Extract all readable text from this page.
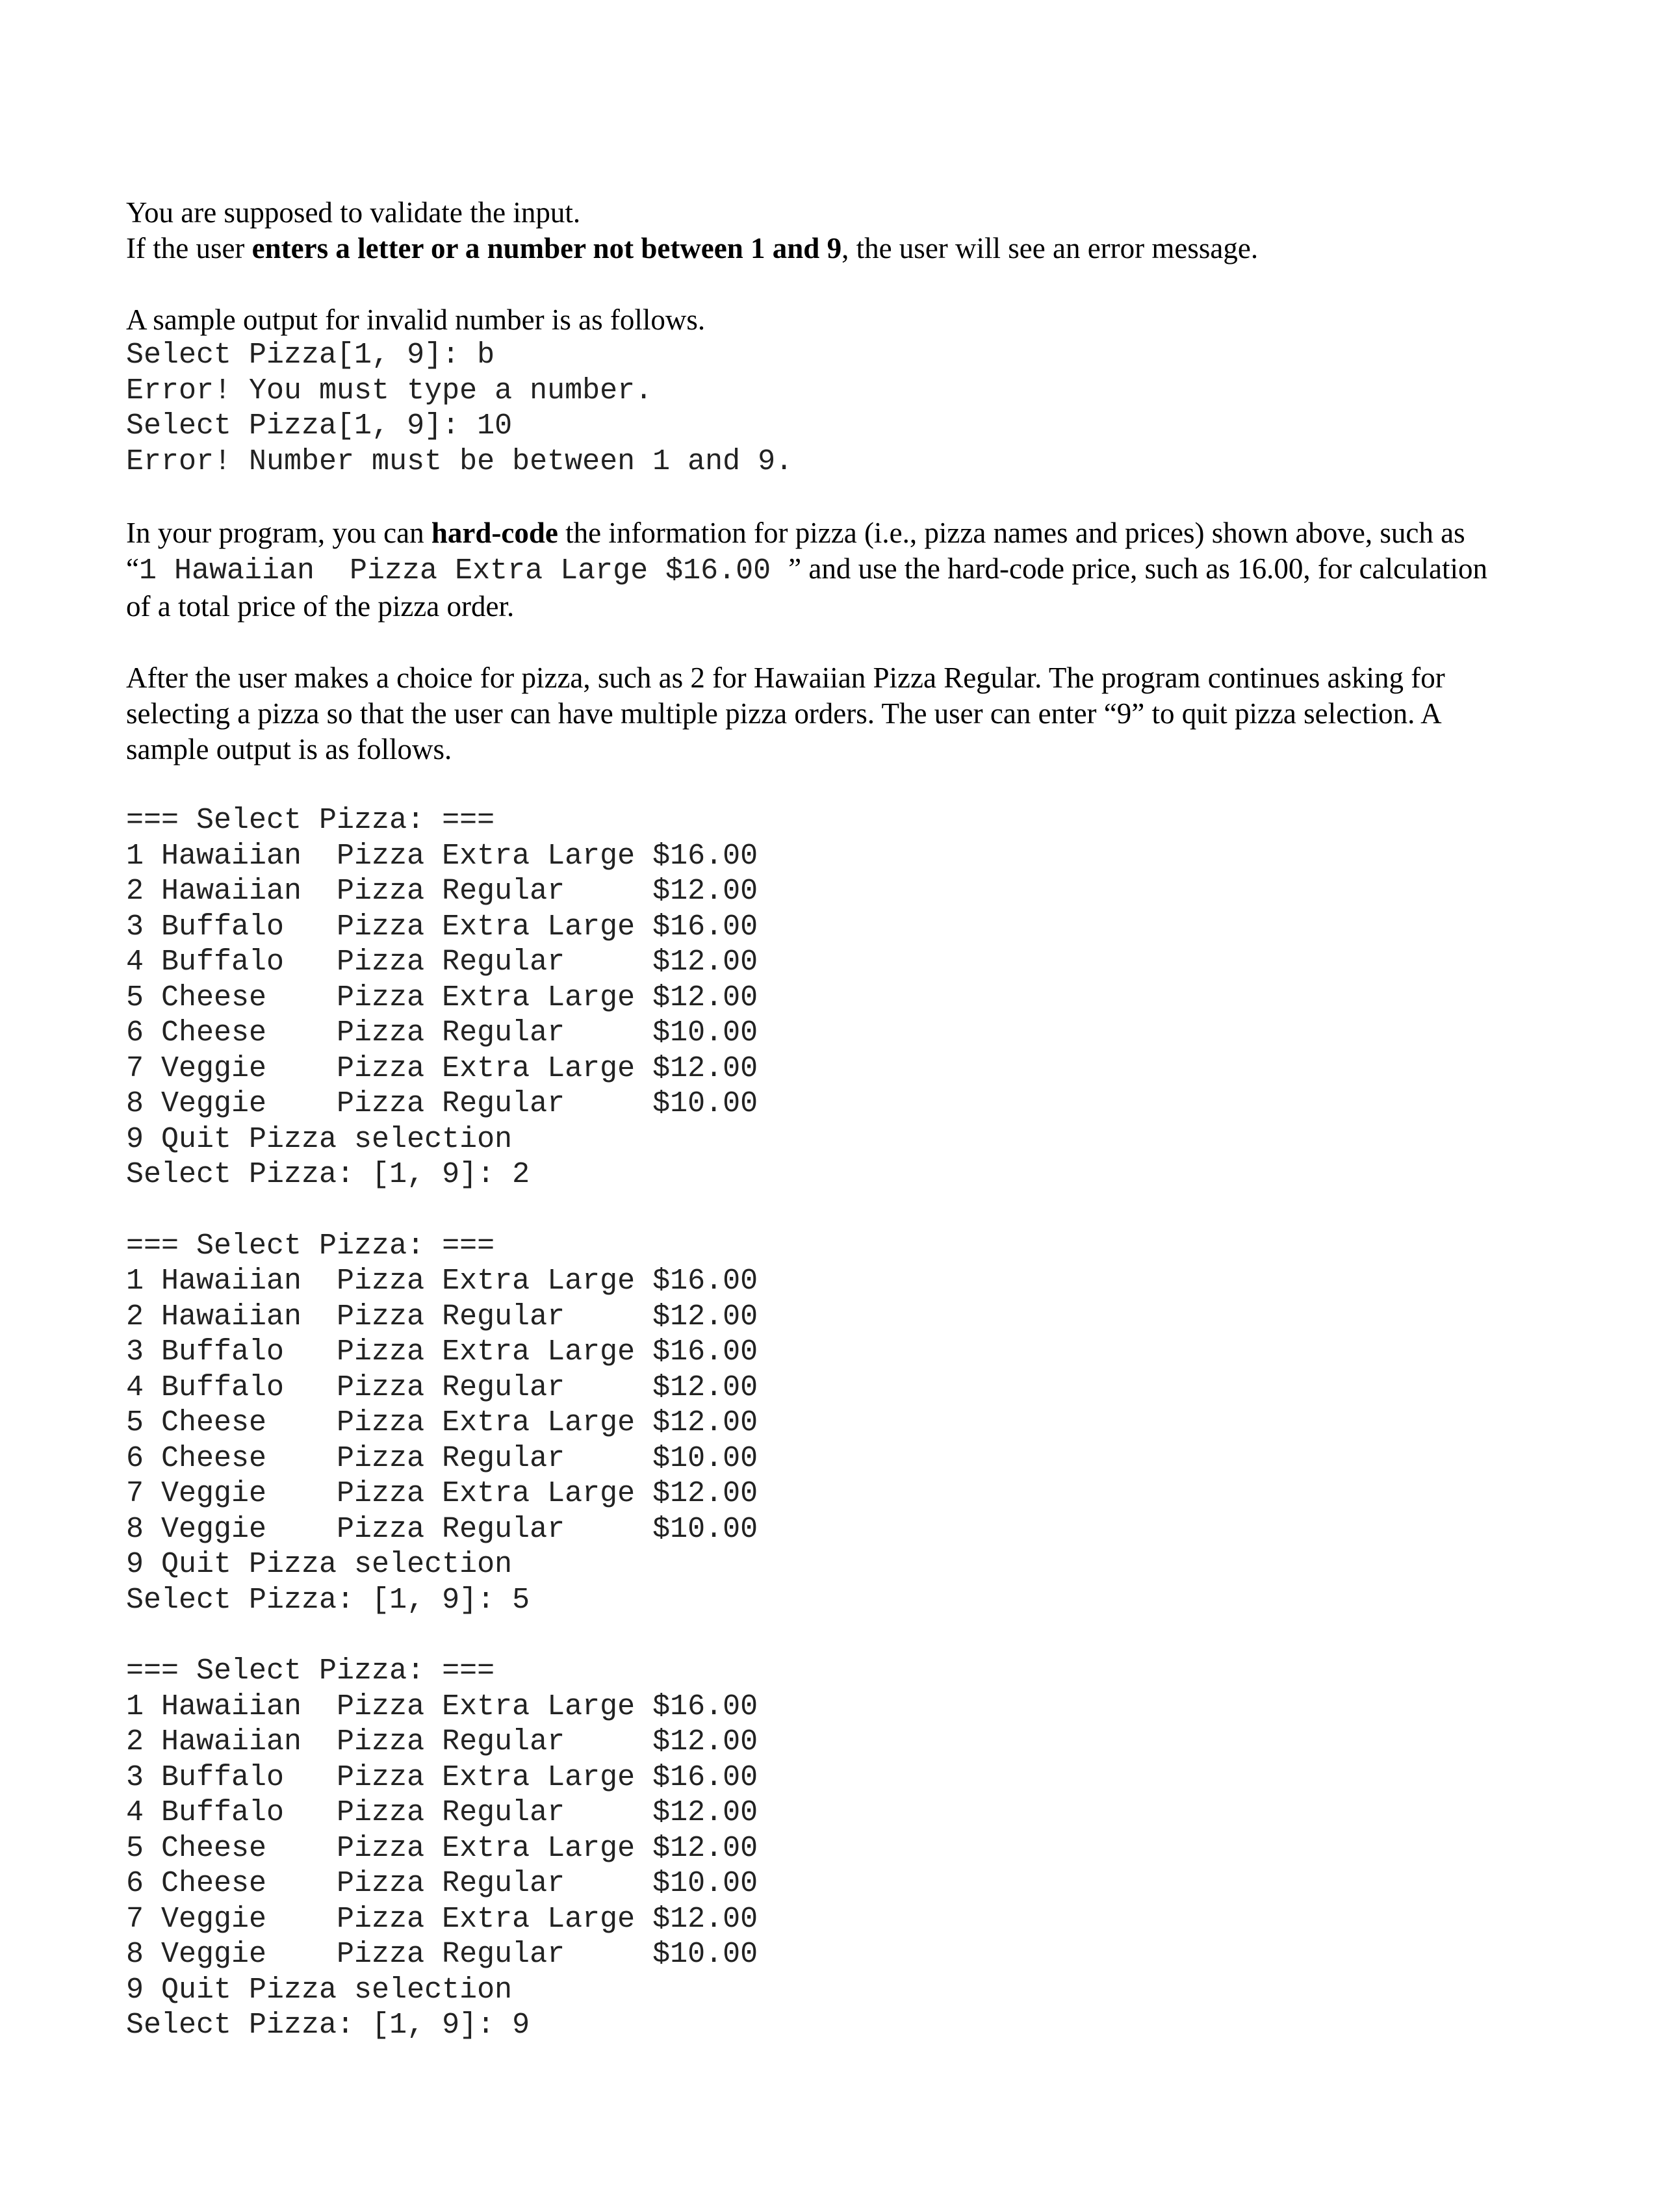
You are supposed to validate the input.

If the user enters a letter or a number not between 1 and 9, the user will see an error message.

A sample output for invalid number is as follows.

Select Pizza[1, 9]: b
Error! You must type a number.
Select Pizza[1, 9]: 10
Error! Number must be between 1 and 9.

In your program, you can hard-code the information for pizza (i.e., pizza names and prices) shown above, such as

“1 Hawaiian  Pizza Extra Large $16.00 ” and use the hard-code price, such as 16.00, for calculation

of a total price of the pizza order.

After the user makes a choice for pizza, such as 2 for Hawaiian Pizza Regular. The program continues asking for

selecting a pizza so that the user can have multiple pizza orders. The user can enter “9” to quit pizza selection. A

sample output is as follows.

=== Select Pizza: ===
1 Hawaiian  Pizza Extra Large $16.00
2 Hawaiian  Pizza Regular     $12.00
3 Buffalo   Pizza Extra Large $16.00
4 Buffalo   Pizza Regular     $12.00
5 Cheese    Pizza Extra Large $12.00
6 Cheese    Pizza Regular     $10.00
7 Veggie    Pizza Extra Large $12.00
8 Veggie    Pizza Regular     $10.00
9 Quit Pizza selection
Select Pizza: [1, 9]: 2
=== Select Pizza: ===
1 Hawaiian  Pizza Extra Large $16.00
2 Hawaiian  Pizza Regular     $12.00
3 Buffalo   Pizza Extra Large $16.00
4 Buffalo   Pizza Regular     $12.00
5 Cheese    Pizza Extra Large $12.00
6 Cheese    Pizza Regular     $10.00
7 Veggie    Pizza Extra Large $12.00
8 Veggie    Pizza Regular     $10.00
9 Quit Pizza selection
Select Pizza: [1, 9]: 5
=== Select Pizza: ===
1 Hawaiian  Pizza Extra Large $16.00
2 Hawaiian  Pizza Regular     $12.00
3 Buffalo   Pizza Extra Large $16.00
4 Buffalo   Pizza Regular     $12.00
5 Cheese    Pizza Extra Large $12.00
6 Cheese    Pizza Regular     $10.00
7 Veggie    Pizza Extra Large $12.00
8 Veggie    Pizza Regular     $10.00
9 Quit Pizza selection
Select Pizza: [1, 9]: 9
